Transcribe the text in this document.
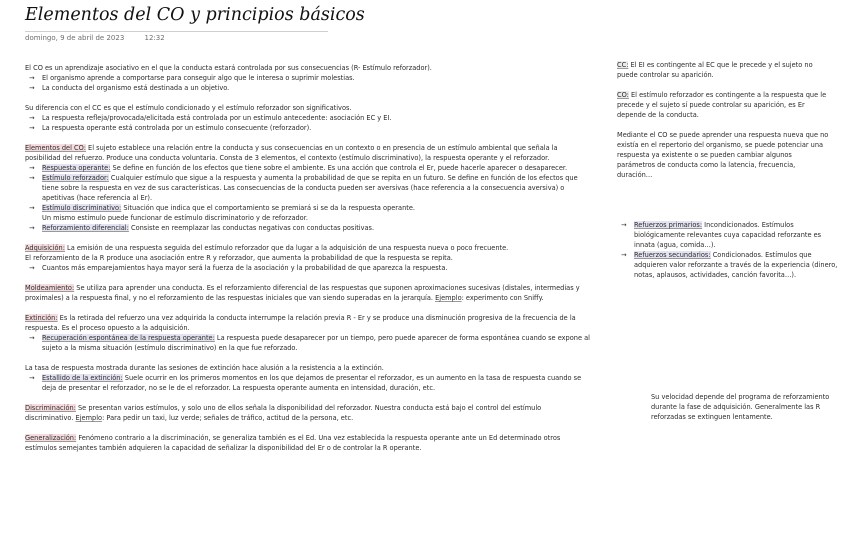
Elementos del CO y principios básicos
domingo, 9 de abril de 2023	12:32

El CO es un aprendizaje asociativo en el que la conducta estará controlada por sus consecuencias (R- Estímulo reforzador).

→	El organismo aprende a comportarse para conseguir algo que le interesa o suprimir molestias.
→	La conducta del organismo está destinada a un objetivo.

Su diferencia con el CC es que el estímulo condicionado y el estímulo reforzador son significativos.

→	La respuesta refleja/provocada/elicitada está controlada por un estímulo antecedente: asociación EC y EI.
→	La respuesta operante está controlada por un estímulo consecuente (reforzador).

Elementos del CO: El sujeto establece una relación entre la conducta y sus consecuencias en un contexto o en presencia de un estímulo ambiental que señala la posibilidad del refuerzo. Produce una conducta voluntaria. Consta de 3 elementos, el contexto (estímulo discriminativo), la respuesta operante y el reforzador.

→	Respuesta operante: Se define en función de los efectos que tiene sobre el ambiente. Es una acción que controla el Er, puede hacerle aparecer o desaparecer.
→	Estímulo reforzador: Cualquier estímulo que sigue a la respuesta y aumenta la probabilidad de que se repita en un futuro. Se define en función de los efectos que tiene sobre la respuesta en vez de sus características. Las consecuencias de la conducta pueden ser aversivas (hace referencia a la consecuencia aversiva) o apetitivas (hace referencia al Er).
→	Estímulo discriminativo: Situación que indica que el comportamiento se premiará si se da la respuesta operante.
Un mismo estímulo puede funcionar de estímulo discriminatorio y de reforzador.
→	Reforzamiento diferencial: Consiste en reemplazar las conductas negativas con conductas positivas.

Adquisición: La emisión de una respuesta seguida del estímulo reforzador que da lugar a la adquisición de una respuesta nueva o poco frecuente.

El reforzamiento de la R produce una asociación entre R y reforzador, que aumenta la probabilidad de que la respuesta se repita.

→	Cuantos más emparejamientos haya mayor será la fuerza de la asociación y la probabilidad de que aparezca la respuesta.

Moldeamiento: Se utiliza para aprender una conducta. Es el reforzamiento diferencial de las respuestas que suponen aproximaciones sucesivas (distales, intermedias y proximales) a la respuesta final, y no el reforzamiento de las respuestas iniciales que van siendo superadas en la jerarquía. Ejemplo: experimento con Sniffy.

Extinción: Es la retirada del refuerzo una vez adquirida la conducta interrumpe la relación previa R - Er y se produce una disminución progresiva de la frecuencia de la respuesta. Es el proceso opuesto a la adquisición.

→	Recuperación espontánea de la respuesta operante: La respuesta puede desaparecer por un tiempo, pero puede aparecer de forma espontánea cuando se expone al sujeto a la misma situación (estímulo discriminativo) en la que fue reforzado.

La tasa de respuesta mostrada durante las sesiones de extinción hace alusión a la resistencia a la extinción.

→	Estallido de la extinción: Suele ocurrir en los primeros momentos en los que dejamos de presentar el reforzador, es un aumento en la tasa de respuesta cuando se deja de presentar el reforzador, no se le de el reforzador. La respuesta operante aumenta en intensidad, duración, etc.

Discriminación: Se presentan varios estímulos, y solo uno de ellos señala la disponibilidad del reforzador. Nuestra conducta está bajo el control del estímulo discriminativo. Ejemplo: Para pedir un taxi, luz verde; señales de tráfico, actitud de la persona, etc.

Generalización: Fenómeno contrario a la discriminación, se generaliza también es el Ed. Una vez establecida la respuesta operante ante un Ed determinado otros estímulos semejantes también adquieren la capacidad de señalizar la disponibilidad del Er o de controlar la R operante.

CC: El EI es contingente al EC que le precede y el sujeto no puede controlar su aparición.

CO: El estímulo reforzador es contingente a la respuesta que le precede y el sujeto sí puede controlar su aparición, es Er depende de la conducta.

Mediante el CO se puede aprender una respuesta nueva que no existía en el repertorio del organismo, se puede potenciar una respuesta ya existente o se pueden cambiar algunos parámetros de conducta como la latencia, frecuencia, duración…

→	Refuerzos primarios: Incondicionados. Estímulos biológicamente relevantes cuya capacidad reforzante es innata (agua, comida…).
→	Refuerzos secundarios: Condicionados. Estímulos que adquieren valor reforzante a través de la experiencia (dinero, notas, aplausos, actividades, canción favorita…).
Su velocidad depende del programa de reforzamiento durante la fase de adquisición. Generalmente las R reforzadas se extinguen lentamente.
